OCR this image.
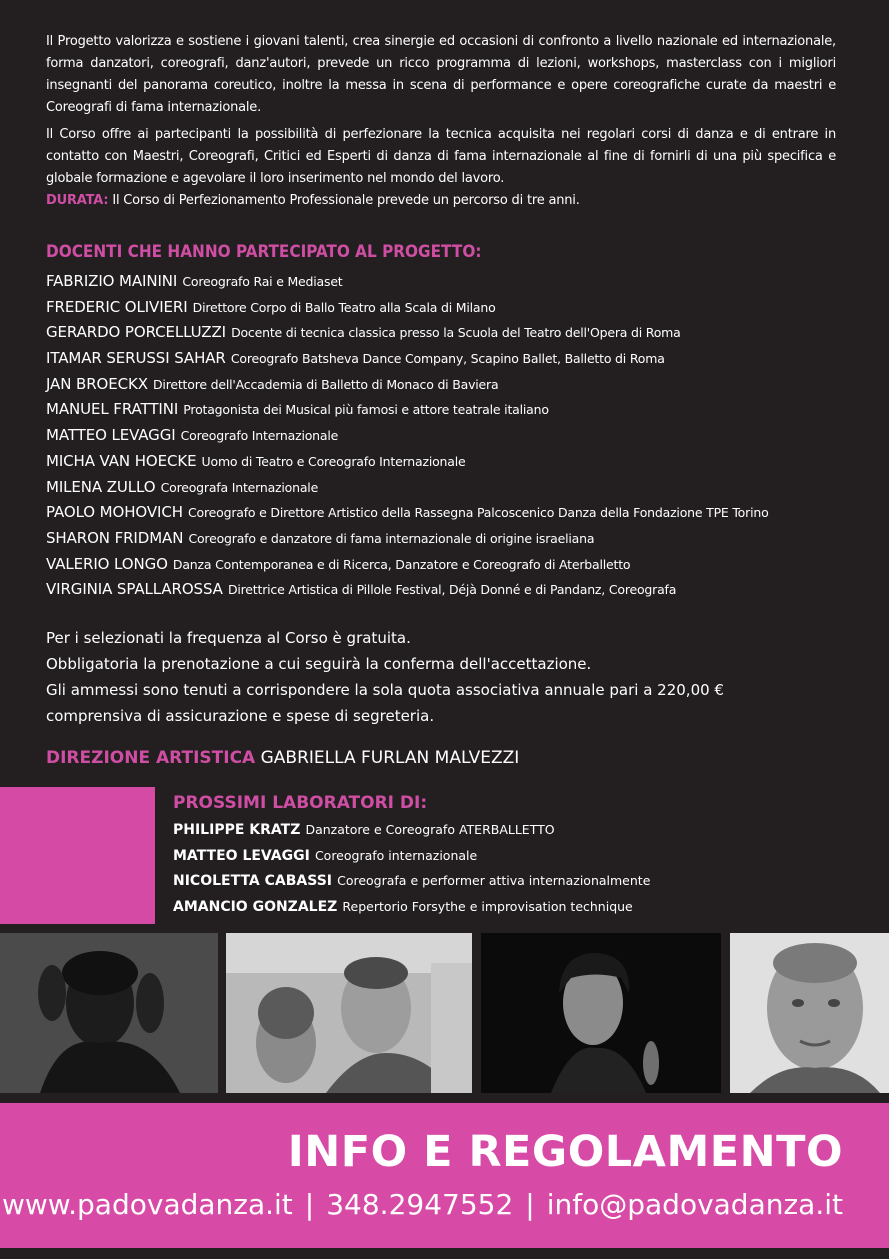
Il Progetto valorizza e sostiene i giovani talenti, crea sinergie ed occasioni di confronto a livello nazionale ed internazionale, forma danzatori, coreografi, danz'autori, prevede un ricco programma di lezioni, workshops, masterclass con i migliori insegnanti del panorama coreutico, inoltre la messa in scena di performance e opere coreografiche curate da maestri e Coreografi di fama internazionale.

Il Corso offre ai partecipanti la possibilità di perfezionare la tecnica acquisita nei regolari corsi di danza e di entrare in contatto con Maestri, Coreografi, Critici ed Esperti di danza di fama internazionale al fine di fornirli di una più specifica e globale formazione e agevolare il loro inserimento nel mondo del lavoro.

DURATA: Il Corso di Perfezionamento Professionale prevede un percorso di tre anni.

DOCENTI CHE HANNO PARTECIPATO AL PROGETTO:
FABRIZIO MAININI Coreografo Rai e Mediaset
FREDERIC OLIVIERI Direttore Corpo di Ballo Teatro alla Scala di Milano
GERARDO PORCELLUZZI Docente di tecnica classica presso la Scuola del Teatro dell'Opera di Roma
ITAMAR SERUSSI SAHAR Coreografo Batsheva Dance Company, Scapino Ballet, Balletto di Roma
JAN BROECKX Direttore dell'Accademia di Balletto di Monaco di Baviera
MANUEL FRATTINI Protagonista dei Musical più famosi e attore teatrale italiano
MATTEO LEVAGGI Coreografo Internazionale
MICHA VAN HOECKE Uomo di Teatro e Coreografo Internazionale
MILENA ZULLO Coreografa Internazionale
PAOLO MOHOVICH Coreografo e Direttore Artistico della Rassegna Palcoscenico Danza della Fondazione TPE Torino
SHARON FRIDMAN Coreografo e danzatore di fama internazionale di origine israeliana
VALERIO LONGO Danza Contemporanea e di Ricerca, Danzatore e Coreografo di Aterballetto
VIRGINIA SPALLAROSSA Direttrice Artistica di Pillole Festival, Déjà Donné e di Pandanz, Coreografa
Per i selezionati la frequenza al Corso è gratuita.
Obbligatoria la prenotazione a cui seguirà la conferma dell'accettazione.
Gli ammessi sono tenuti a corrispondere la sola quota associativa annuale pari a 220,00 €
comprensiva di assicurazione e spese di segreteria.
DIREZIONE ARTISTICA GABRIELLA FURLAN MALVEZZI
PROSSIMI LABORATORI DI:
PHILIPPE KRATZ Danzatore e Coreografo ATERBALLETTO
MATTEO LEVAGGI Coreografo internazionale
NICOLETTA CABASSI Coreografa e performer attiva internazionalmente
AMANCIO GONZALEZ Repertorio Forsythe e improvisation technique
INFO E REGOLAMENTO
www.padovadanza.it | 348.2947552 | info@padovadanza.it
